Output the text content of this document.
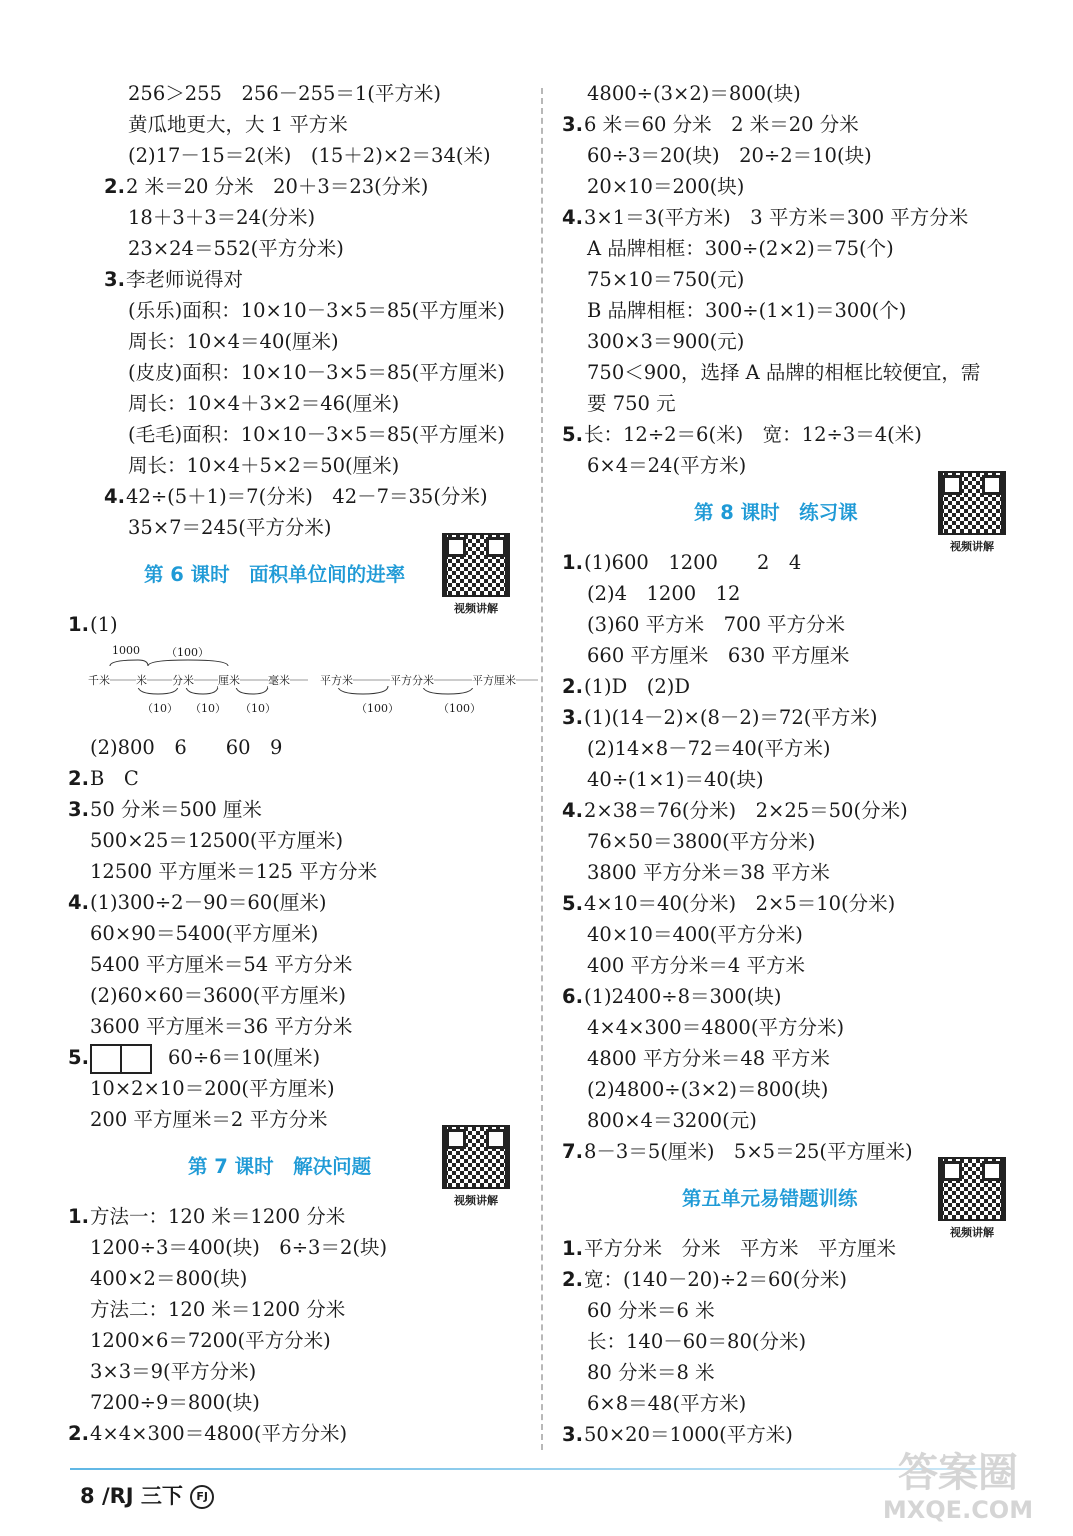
256＞255　256－255＝1(平方米)
黄瓜地更大，大 1 平方米
(2)17－15＝2(米)　(15＋2)×2＝34(米)
2.2 米＝20 分米　20＋3＝23(分米)
18＋3＋3＝24(分米)
23×24＝552(平方分米)
3.李老师说得对
(乐乐)面积：10×10－3×5＝85(平方厘米)
周长：10×4＝40(厘米)
(皮皮)面积：10×10－3×5＝85(平方厘米)
周长：10×4＋3×2＝46(厘米)
(毛毛)面积：10×10－3×5＝85(平方厘米)
周长：10×4＋5×2＝50(厘米)
4.42÷(5＋1)＝7(分米)　42－7＝35(分米)
35×7＝245(平方分米)
第 6 课时　面积单位间的进率
视频讲解
1.(1)
1000 （100）
千米 米 分米 厘米	毫米	平方米	平方分米	平方厘米
（10） （10） （10）	（100）	（100）
(2)800　6　　60　9
2.B　C
3.50 分米＝500 厘米
500×25＝12500(平方厘米)
12500 平方厘米＝125 平方分米
4.(1)300÷2－90＝60(厘米)
60×90＝5400(平方厘米)
5400 平方厘米＝54 平方分米
(2)60×60＝3600(平方厘米)
3600 平方厘米＝36 平方分米
5.	60÷6＝10(厘米)
10×2×10＝200(平方厘米)
200 平方厘米＝2 平方分米
第 7 课时　解决问题
视频讲解
1.方法一：120 米＝1200 分米
1200÷3＝400(块)　6÷3＝2(块)
400×2＝800(块)
方法二：120 米＝1200 分米
1200×6＝7200(平方分米)
3×3＝9(平方分米)
7200÷9＝800(块)
2.4×4×300＝4800(平方分米)
4800÷(3×2)＝800(块)
3.6 米＝60 分米　2 米＝20 分米
60÷3＝20(块)　20÷2＝10(块)
20×10＝200(块)
4.3×1＝3(平方米)　3 平方米＝300 平方分米
A 品牌相框：300÷(2×2)＝75(个)
75×10＝750(元)
B 品牌相框：300÷(1×1)＝300(个)
300×3＝900(元)
750＜900，选择 A 品牌的相框比较便宜，需
要 750 元
5.长：12÷2＝6(米)　宽：12÷3＝4(米)
6×4＝24(平方米)
第 8 课时　练习课
视频讲解
1.(1)600　1200　　2　4
(2)4　1200　12
(3)60 平方米　700 平方分米
660 平方厘米　630 平方厘米
2.(1)D　(2)D
3.(1)(14－2)×(8－2)＝72(平方米)
(2)14×8－72＝40(平方米)
40÷(1×1)＝40(块)
4.2×38＝76(分米)　2×25＝50(分米)
76×50＝3800(平方分米)
3800 平方分米＝38 平方米
5.4×10＝40(分米)　2×5＝10(分米)
40×10＝400(平方分米)
400 平方分米＝4 平方米
6.(1)2400÷8＝300(块)
4×4×300＝4800(平方分米)
4800 平方分米＝48 平方米
(2)4800÷(3×2)＝800(块)
800×4＝3200(元)
7.8－3＝5(厘米)　5×5＝25(平方厘米)
第五单元易错题训练
视频讲解
1.平方分米　分米　平方米　平方厘米
2.宽：(140－20)÷2＝60(分米)
60 分米＝6 米
长：140－60＝80(分米)
80 分米＝8 米
6×8＝48(平方米)
3.50×20＝1000(平方米)
8 /RJ 三下 FJ
答案圈
MXQE.COM
